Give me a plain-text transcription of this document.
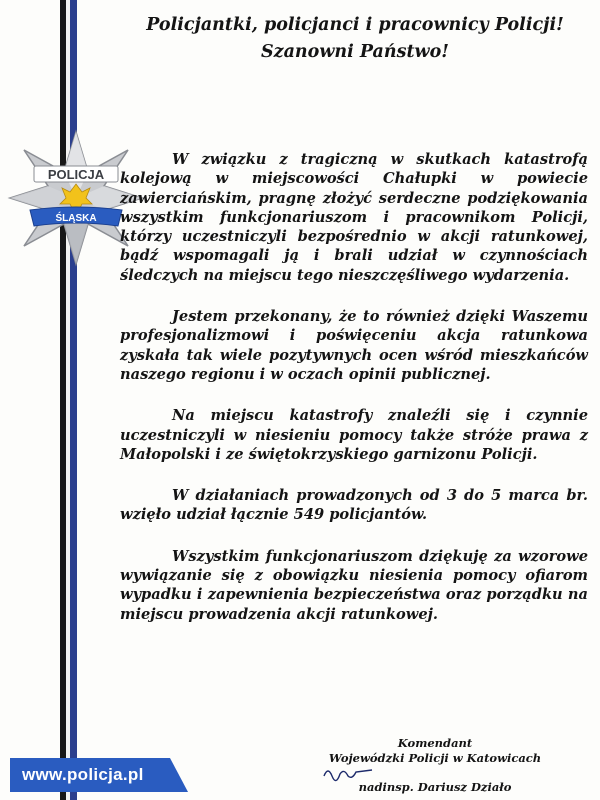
POLICJA
ŚLĄSKA
Policjantki, policjanci i pracownicy Policji!
Szanowni Państwo!

W związku z tragiczną w skutkach katastrofą kolejową w miejscowości Chałupki w powiecie zawierciańskim, pragnę złożyć serdeczne podziękowania wszystkim funkcjonariuszom i pracownikom Policji, którzy uczestniczyli bezpośrednio w akcji ratunkowej, bądź wspomagali ją i brali udział w czynnościach śledczych na miejscu tego nieszczęśliwego wydarzenia.

Jestem przekonany, że to również dzięki Waszemu profesjonalizmowi i poświęceniu akcja ratunkowa zyskała tak wiele pozytywnych ocen wśród mieszkańców naszego regionu i w oczach opinii publicznej.

Na miejscu katastrofy znaleźli się i czynnie uczestniczyli w niesieniu pomocy także stróże prawa z Małopolski i ze świętokrzyskiego garnizonu Policji.

W działaniach prowadzonych od 3 do 5 marca br. wzięło udział łącznie 549 policjantów.

Wszystkim funkcjonariuszom dziękuję za wzorowe wywiązanie się z obowiązku niesienia pomocy ofiarom wypadku i zapewnienia bezpieczeństwa oraz porządku na miejscu prowadzenia akcji ratunkowej.

Komendant
Wojewódzki Policji w Katowicach
nadinsp. Dariusz Działo
www.policja.pl
